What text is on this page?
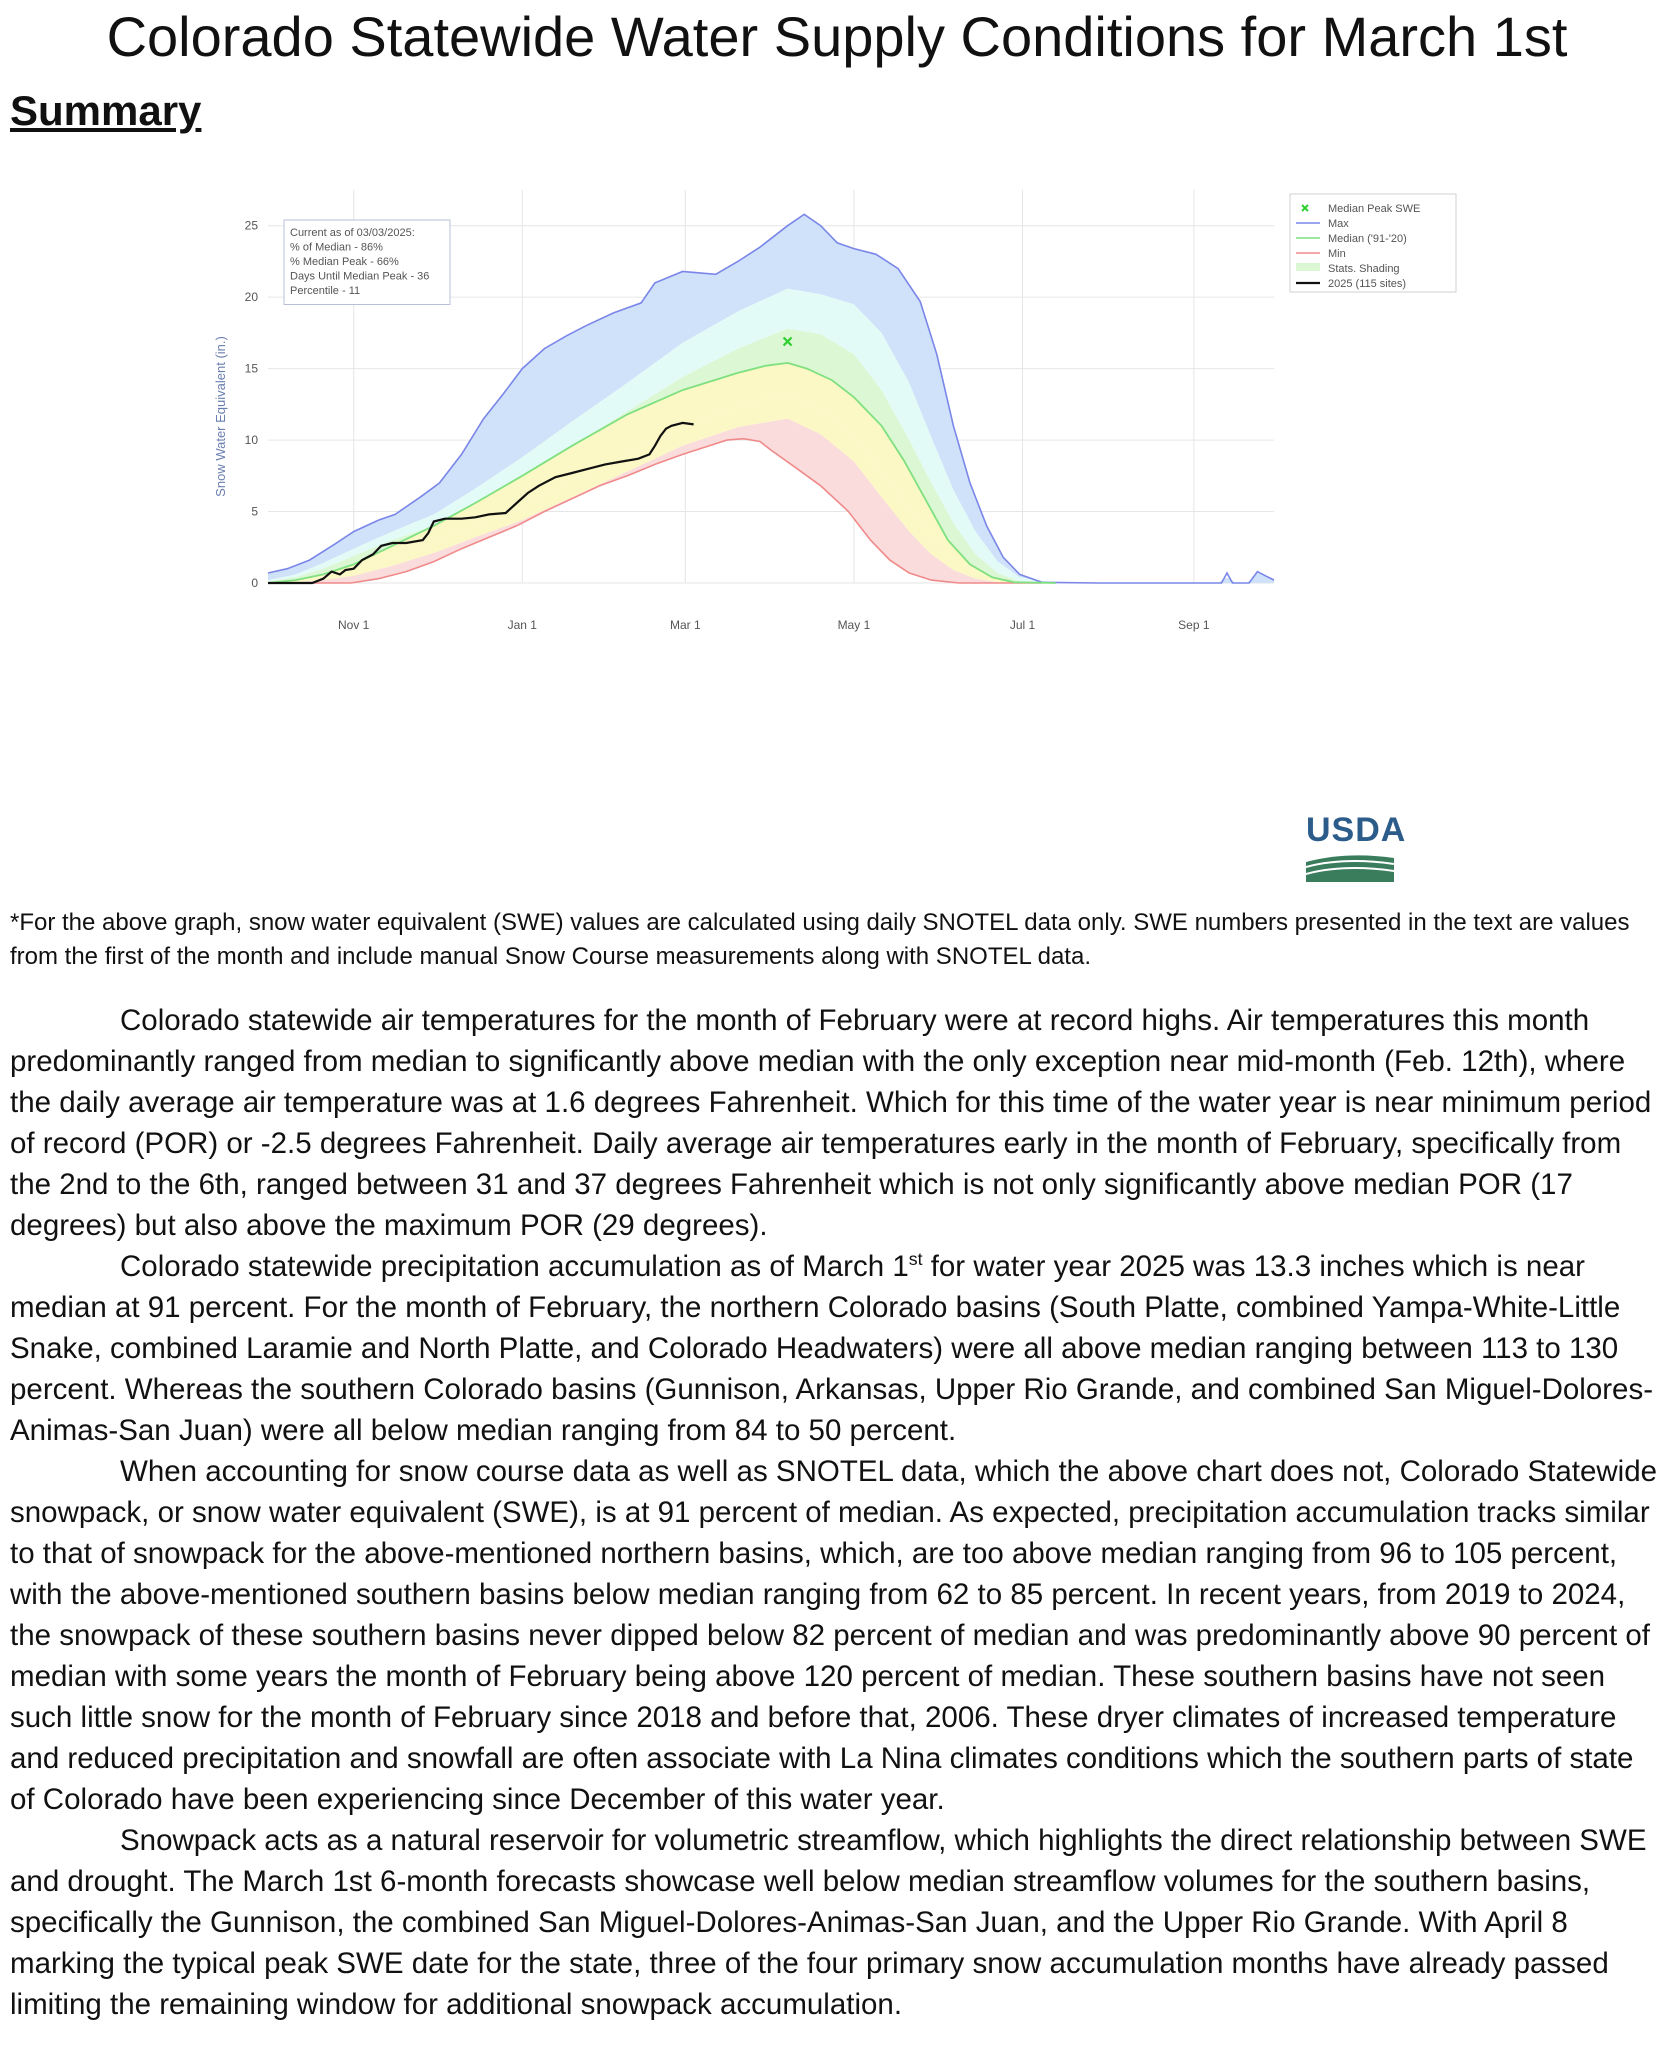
Colorado Statewide Water Supply Conditions for March 1st
Summary
0
5
10
15
20
25
Nov 1	Jan 1	Mar 1	May 1	Jul 1	Sep 1
Snow Water Equivalent (in.)
Current as of 03/03/2025:
% of Median - 86%
% Median Peak - 66%
Days Until Median Peak - 36
Percentile - 11
Median Peak SWE
Max
Median ('91-'20)
Min
Stats. Shading
2025 (115 sites)
USDA
*For the above graph, snow water equivalent (SWE) values are calculated using daily SNOTEL data only. SWE numbers presented in the text are values from the first of the month and include manual Snow Course measurements along with SNOTEL data.

Colorado statewide air temperatures for the month of February were at record highs. Air temperatures this month predominantly ranged from median to significantly above median with the only exception near mid-month (Feb. 12th), where the daily average air temperature was at 1.6 degrees Fahrenheit. Which for this time of the water year is near minimum period of record (POR) or -2.5 degrees Fahrenheit. Daily average air temperatures early in the month of February, specifically from the 2nd to the 6th, ranged between 31 and 37 degrees Fahrenheit which is not only significantly above median POR (17 degrees) but also above the maximum POR (29 degrees).

Colorado statewide precipitation accumulation as of March 1st for water year 2025 was 13.3 inches which is near median at 91 percent. For the month of February, the northern Colorado basins (South Platte, combined Yampa-White-Little Snake, combined Laramie and North Platte, and Colorado Headwaters) were all above median ranging between 113 to 130 percent. Whereas the southern Colorado basins (Gunnison, Arkansas, Upper Rio Grande, and combined San Miguel-Dolores-Animas-San Juan) were all below median ranging from 84 to 50 percent.

When accounting for snow course data as well as SNOTEL data, which the above chart does not, Colorado Statewide snowpack, or snow water equivalent (SWE), is at 91 percent of median. As expected, precipitation accumulation tracks similar to that of snowpack for the above-mentioned northern basins, which, are too above median ranging from 96 to 105 percent, with the above-mentioned southern basins below median ranging from 62 to 85 percent. In recent years, from 2019 to 2024, the snowpack of these southern basins never dipped below 82 percent of median and was predominantly above 90 percent of median with some years the month of February being above 120 percent of median. These southern basins have not seen such little snow for the month of February since 2018 and before that, 2006. These dryer climates of increased temperature and reduced precipitation and snowfall are often associate with La Nina climates conditions which the southern parts of state of Colorado have been experiencing since December of this water year.

Snowpack acts as a natural reservoir for volumetric streamflow, which highlights the direct relationship between SWE and drought. The March 1st 6-month forecasts showcase well below median streamflow volumes for the southern basins, specifically the Gunnison, the combined San Miguel-Dolores-Animas-San Juan, and the Upper Rio Grande. With April 8 marking the typical peak SWE date for the state, three of the four primary snow accumulation months have already passed limiting the remaining window for additional snowpack accumulation.
